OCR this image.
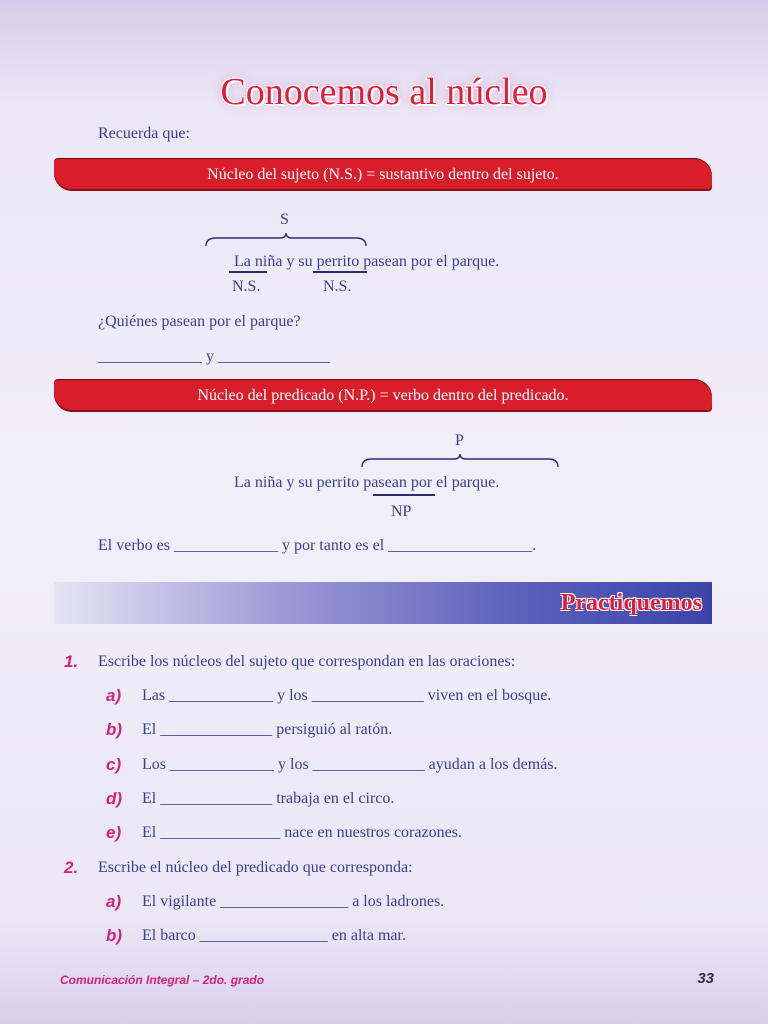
Conocemos al núcleo
Recuerda que:
Núcleo del sujeto (N.S.) = sustantivo dentro del sujeto.
S
La niña y su perrito pasean por el parque.
N.S.	N.S.
¿Quiénes pasean por el parque?
_____________ y ______________
Núcleo del predicado (N.P.) = verbo dentro del predicado.
P
La niña y su perrito pasean por el parque.
NP
El verbo es _____________ y por tanto es el __________________.
Practiquemos
1. Escribe los núcleos del sujeto que correspondan en las oraciones:
a) Las _____________ y los ______________ viven en el bosque.
b) El ______________ persiguió al ratón.
c) Los _____________ y los ______________ ayudan a los demás.
d) El ______________ trabaja en el circo.
e) El _______________ nace en nuestros corazones.
2. Escribe el núcleo del predicado que corresponda:
a) El vigilante ________________ a los ladrones.
b) El barco ________________ en alta mar.
Comunicación Integral – 2do. grado	33
